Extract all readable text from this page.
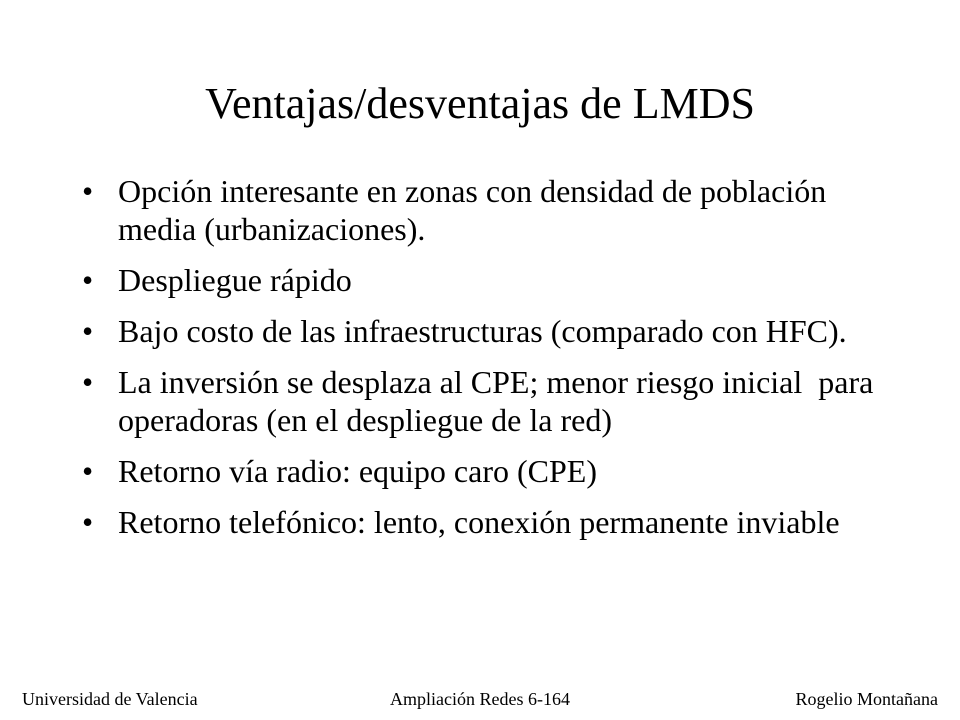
Ventajas/desventajas de LMDS
• Opción interesante en zonas con densidad de población media (urbanizaciones).
• Despliegue rápido
• Bajo costo de las infraestructuras (comparado con HFC).
• La inversión se desplaza al CPE; menor riesgo inicial  para operadoras (en el despliegue de la red)
• Retorno vía radio: equipo caro (CPE)
• Retorno telefónico: lento, conexión permanente inviable
Universidad de Valencia	Ampliación Redes 6-164	Rogelio Montañana
